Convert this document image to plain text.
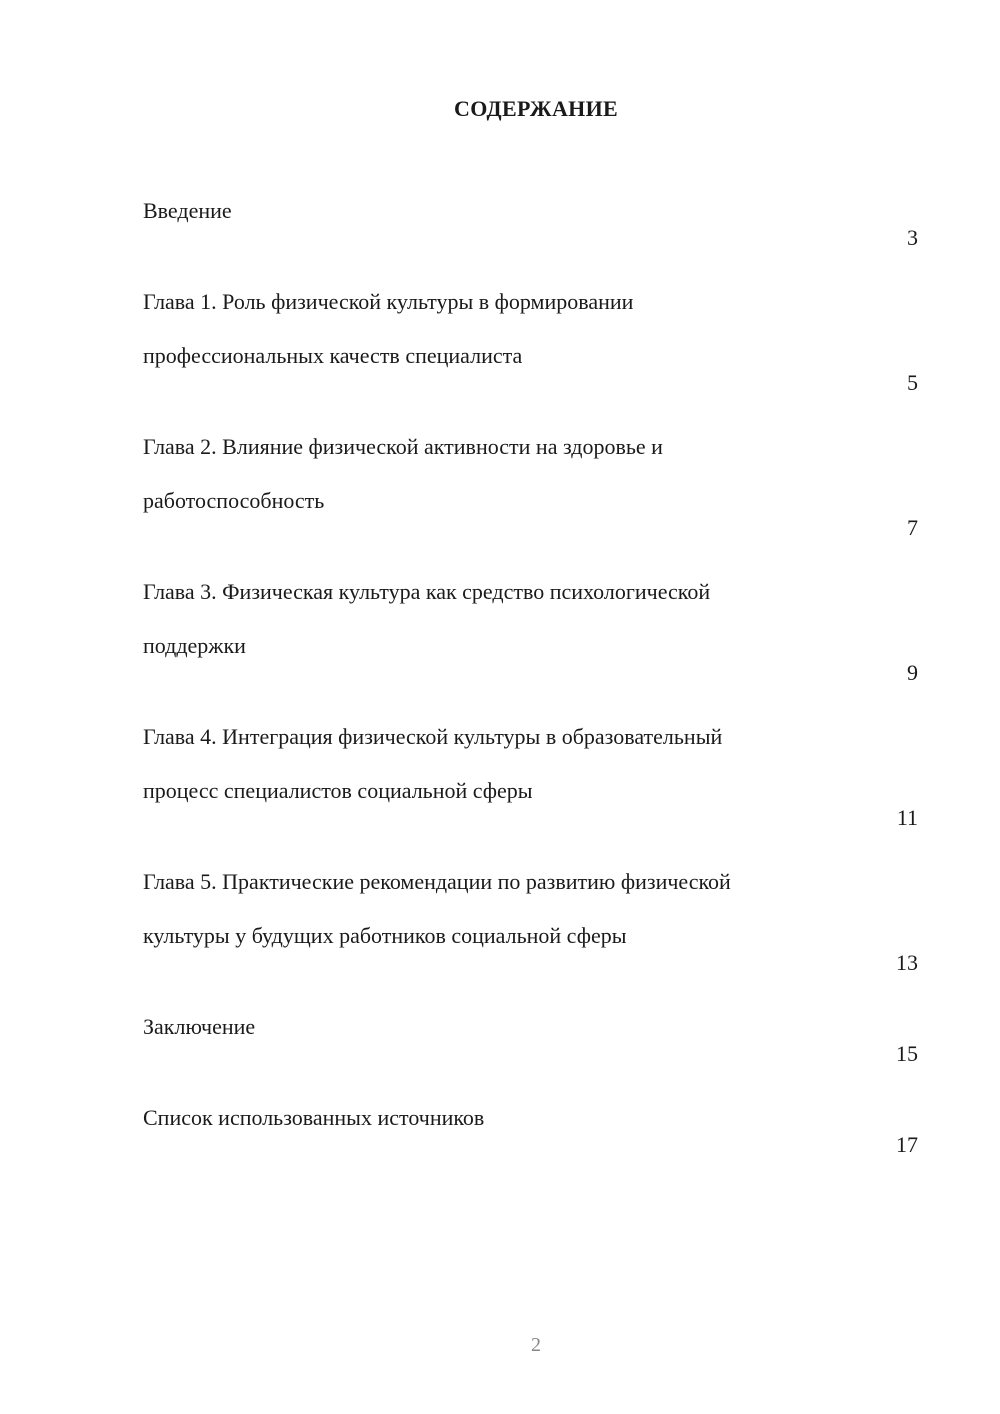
СОДЕРЖАНИЕ

Введение

3

Глава 1. Роль физической культуры в формировании

профессиональных качеств специалиста

5

Глава 2. Влияние физической активности на здоровье и

работоспособность

7

Глава 3. Физическая культура как средство психологической

поддержки

9

Глава 4. Интеграция физической культуры в образовательный

процесс специалистов социальной сферы

11

Глава 5. Практические рекомендации по развитию физической

культуры у будущих работников социальной сферы

13

Заключение

15

Список использованных источников

17
2
